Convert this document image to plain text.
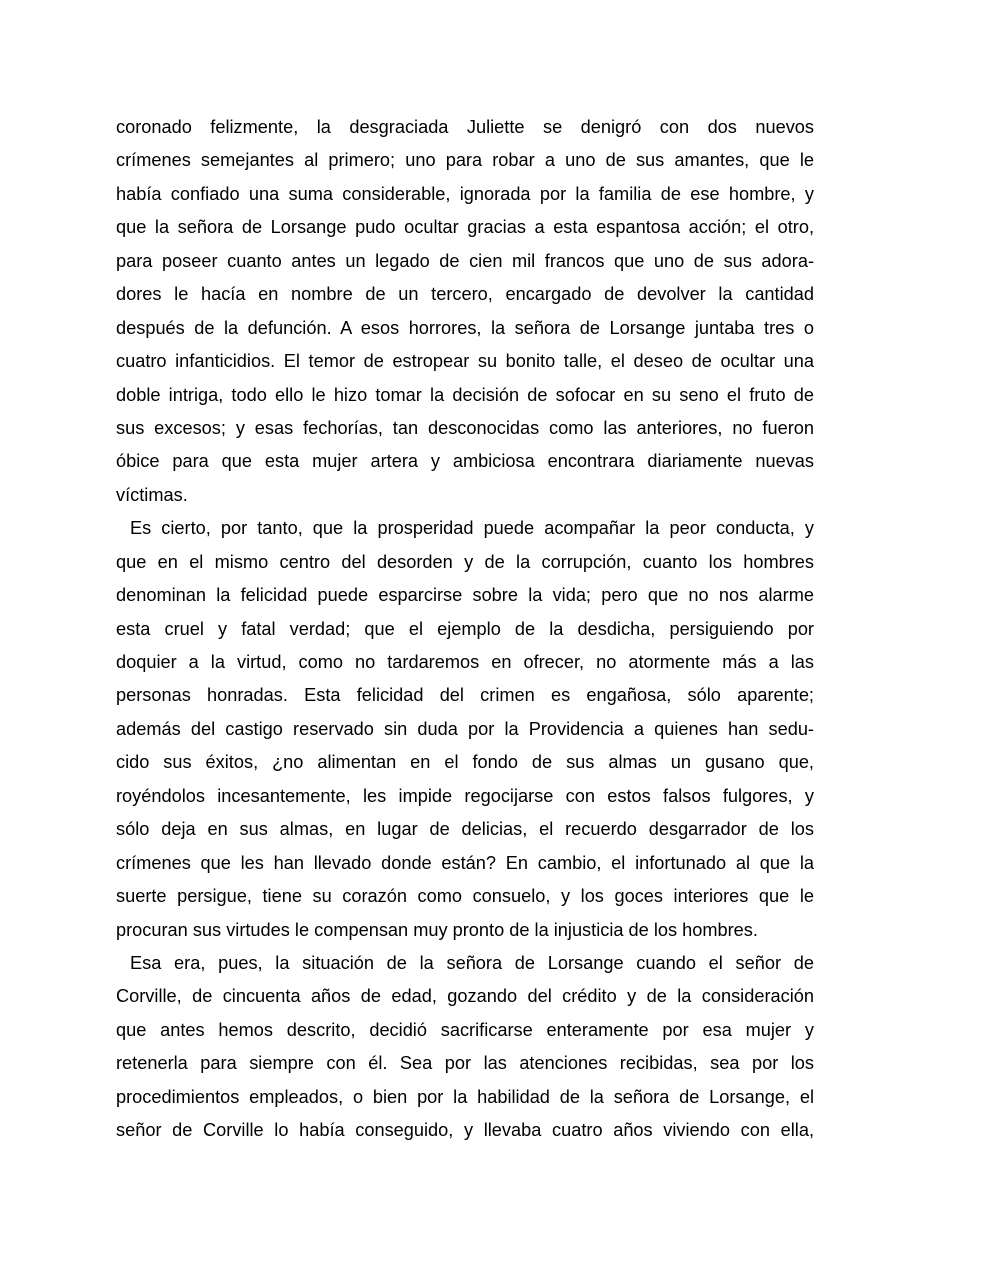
coronado felizmente, la desgraciada Juliette se denigró con dos nuevos
crímenes semejantes al primero; uno para robar a uno de sus amantes, que le
había confiado una suma considerable, ignorada por la familia de ese hombre, y
que la señora de Lorsange pudo ocultar gracias a esta espantosa acción; el otro,
para poseer cuanto antes un legado de cien mil francos que uno de sus adora-
dores le hacía en nombre de un tercero, encargado de devolver la cantidad
después de la defunción. A esos horrores, la señora de Lorsange juntaba tres o
cuatro infanticidios. El temor de estropear su bonito talle, el deseo de ocultar una
doble intriga, todo ello le hizo tomar la decisión de sofocar en su seno el fruto de
sus excesos; y esas fechorías, tan desconocidas como las anteriores, no fueron
óbice para que esta mujer artera y ambiciosa encontrara diariamente nuevas
víctimas.
Es cierto, por tanto, que la prosperidad puede acompañar la peor conducta, y
que en el mismo centro del desorden y de la corrupción, cuanto los hombres
denominan la felicidad puede esparcirse sobre la vida; pero que no nos alarme
esta cruel y fatal verdad; que el ejemplo de la desdicha, persiguiendo por
doquier a la virtud, como no tardaremos en ofrecer, no atormente más a las
personas honradas. Esta felicidad del crimen es engañosa, sólo aparente;
además del castigo reservado sin duda por la Providencia a quienes han sedu-
cido sus éxitos, ¿no alimentan en el fondo de sus almas un gusano que,
royéndolos incesantemente, les impide regocijarse con estos falsos fulgores, y
sólo deja en sus almas, en lugar de delicias, el recuerdo desgarrador de los
crímenes que les han llevado donde están? En cambio, el infortunado al que la
suerte persigue, tiene su corazón como consuelo, y los goces interiores que le
procuran sus virtudes le compensan muy pronto de la injusticia de los hombres.
Esa era, pues, la situación de la señora de Lorsange cuando el señor de
Corville, de cincuenta años de edad, gozando del crédito y de la consideración
que antes hemos descrito, decidió sacrificarse enteramente por esa mujer y
retenerla para siempre con él. Sea por las atenciones recibidas, sea por los
procedimientos empleados, o bien por la habilidad de la señora de Lorsange, el
señor de Corville lo había conseguido, y llevaba cuatro años viviendo con ella,
